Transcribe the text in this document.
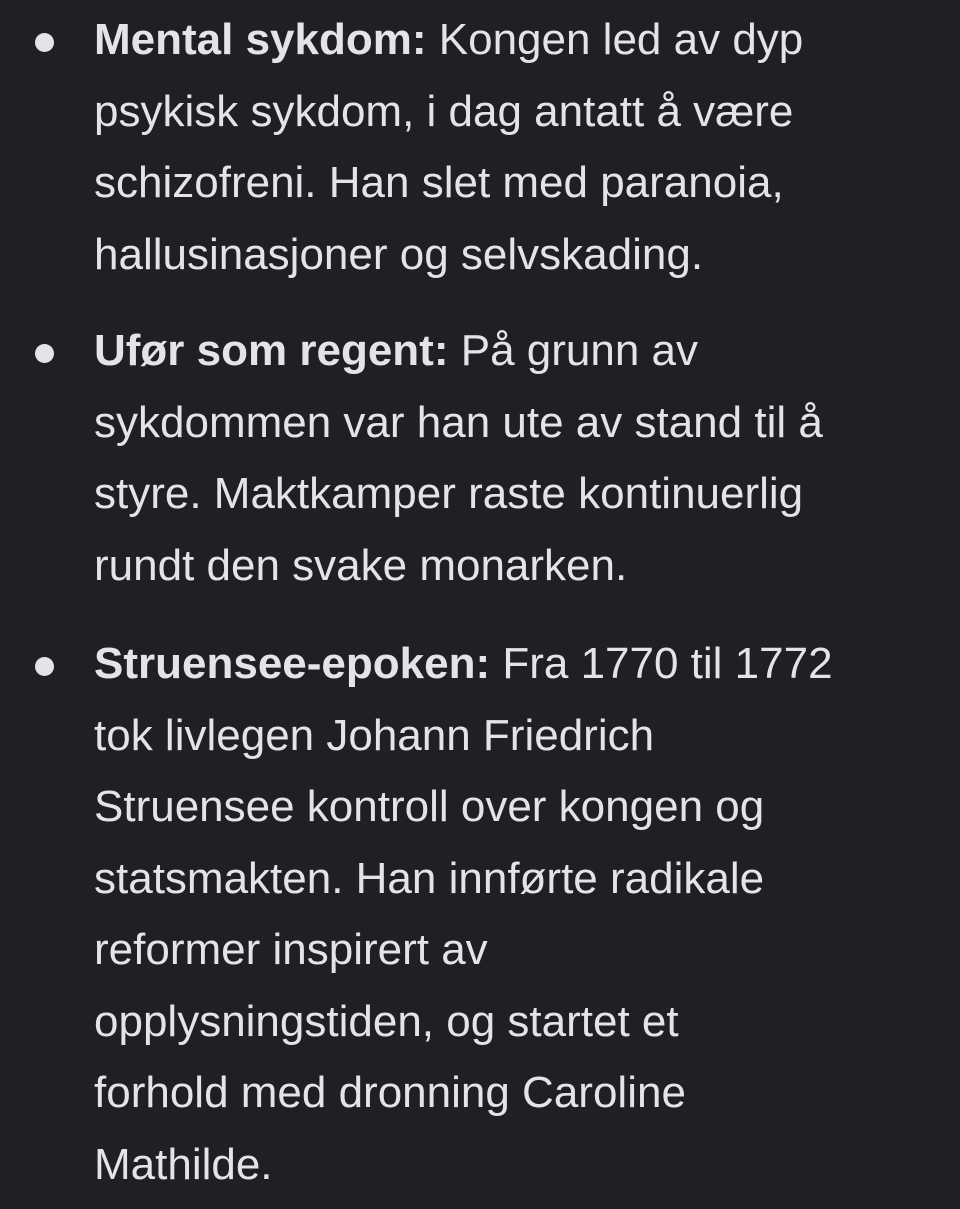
Mental sykdom: Kongen led av dyp
psykisk sykdom, i dag antatt å være
schizofreni. Han slet med paranoia,
hallusinasjoner og selvskading.
Ufør som regent: På grunn av
sykdommen var han ute av stand til å
styre. Maktkamper raste kontinuerlig
rundt den svake monarken.
Struensee-epoken: Fra 1770 til 1772
tok livlegen Johann Friedrich
Struensee kontroll over kongen og
statsmakten. Han innførte radikale
reformer inspirert av
opplysningstiden, og startet et
forhold med dronning Caroline
Mathilde.
